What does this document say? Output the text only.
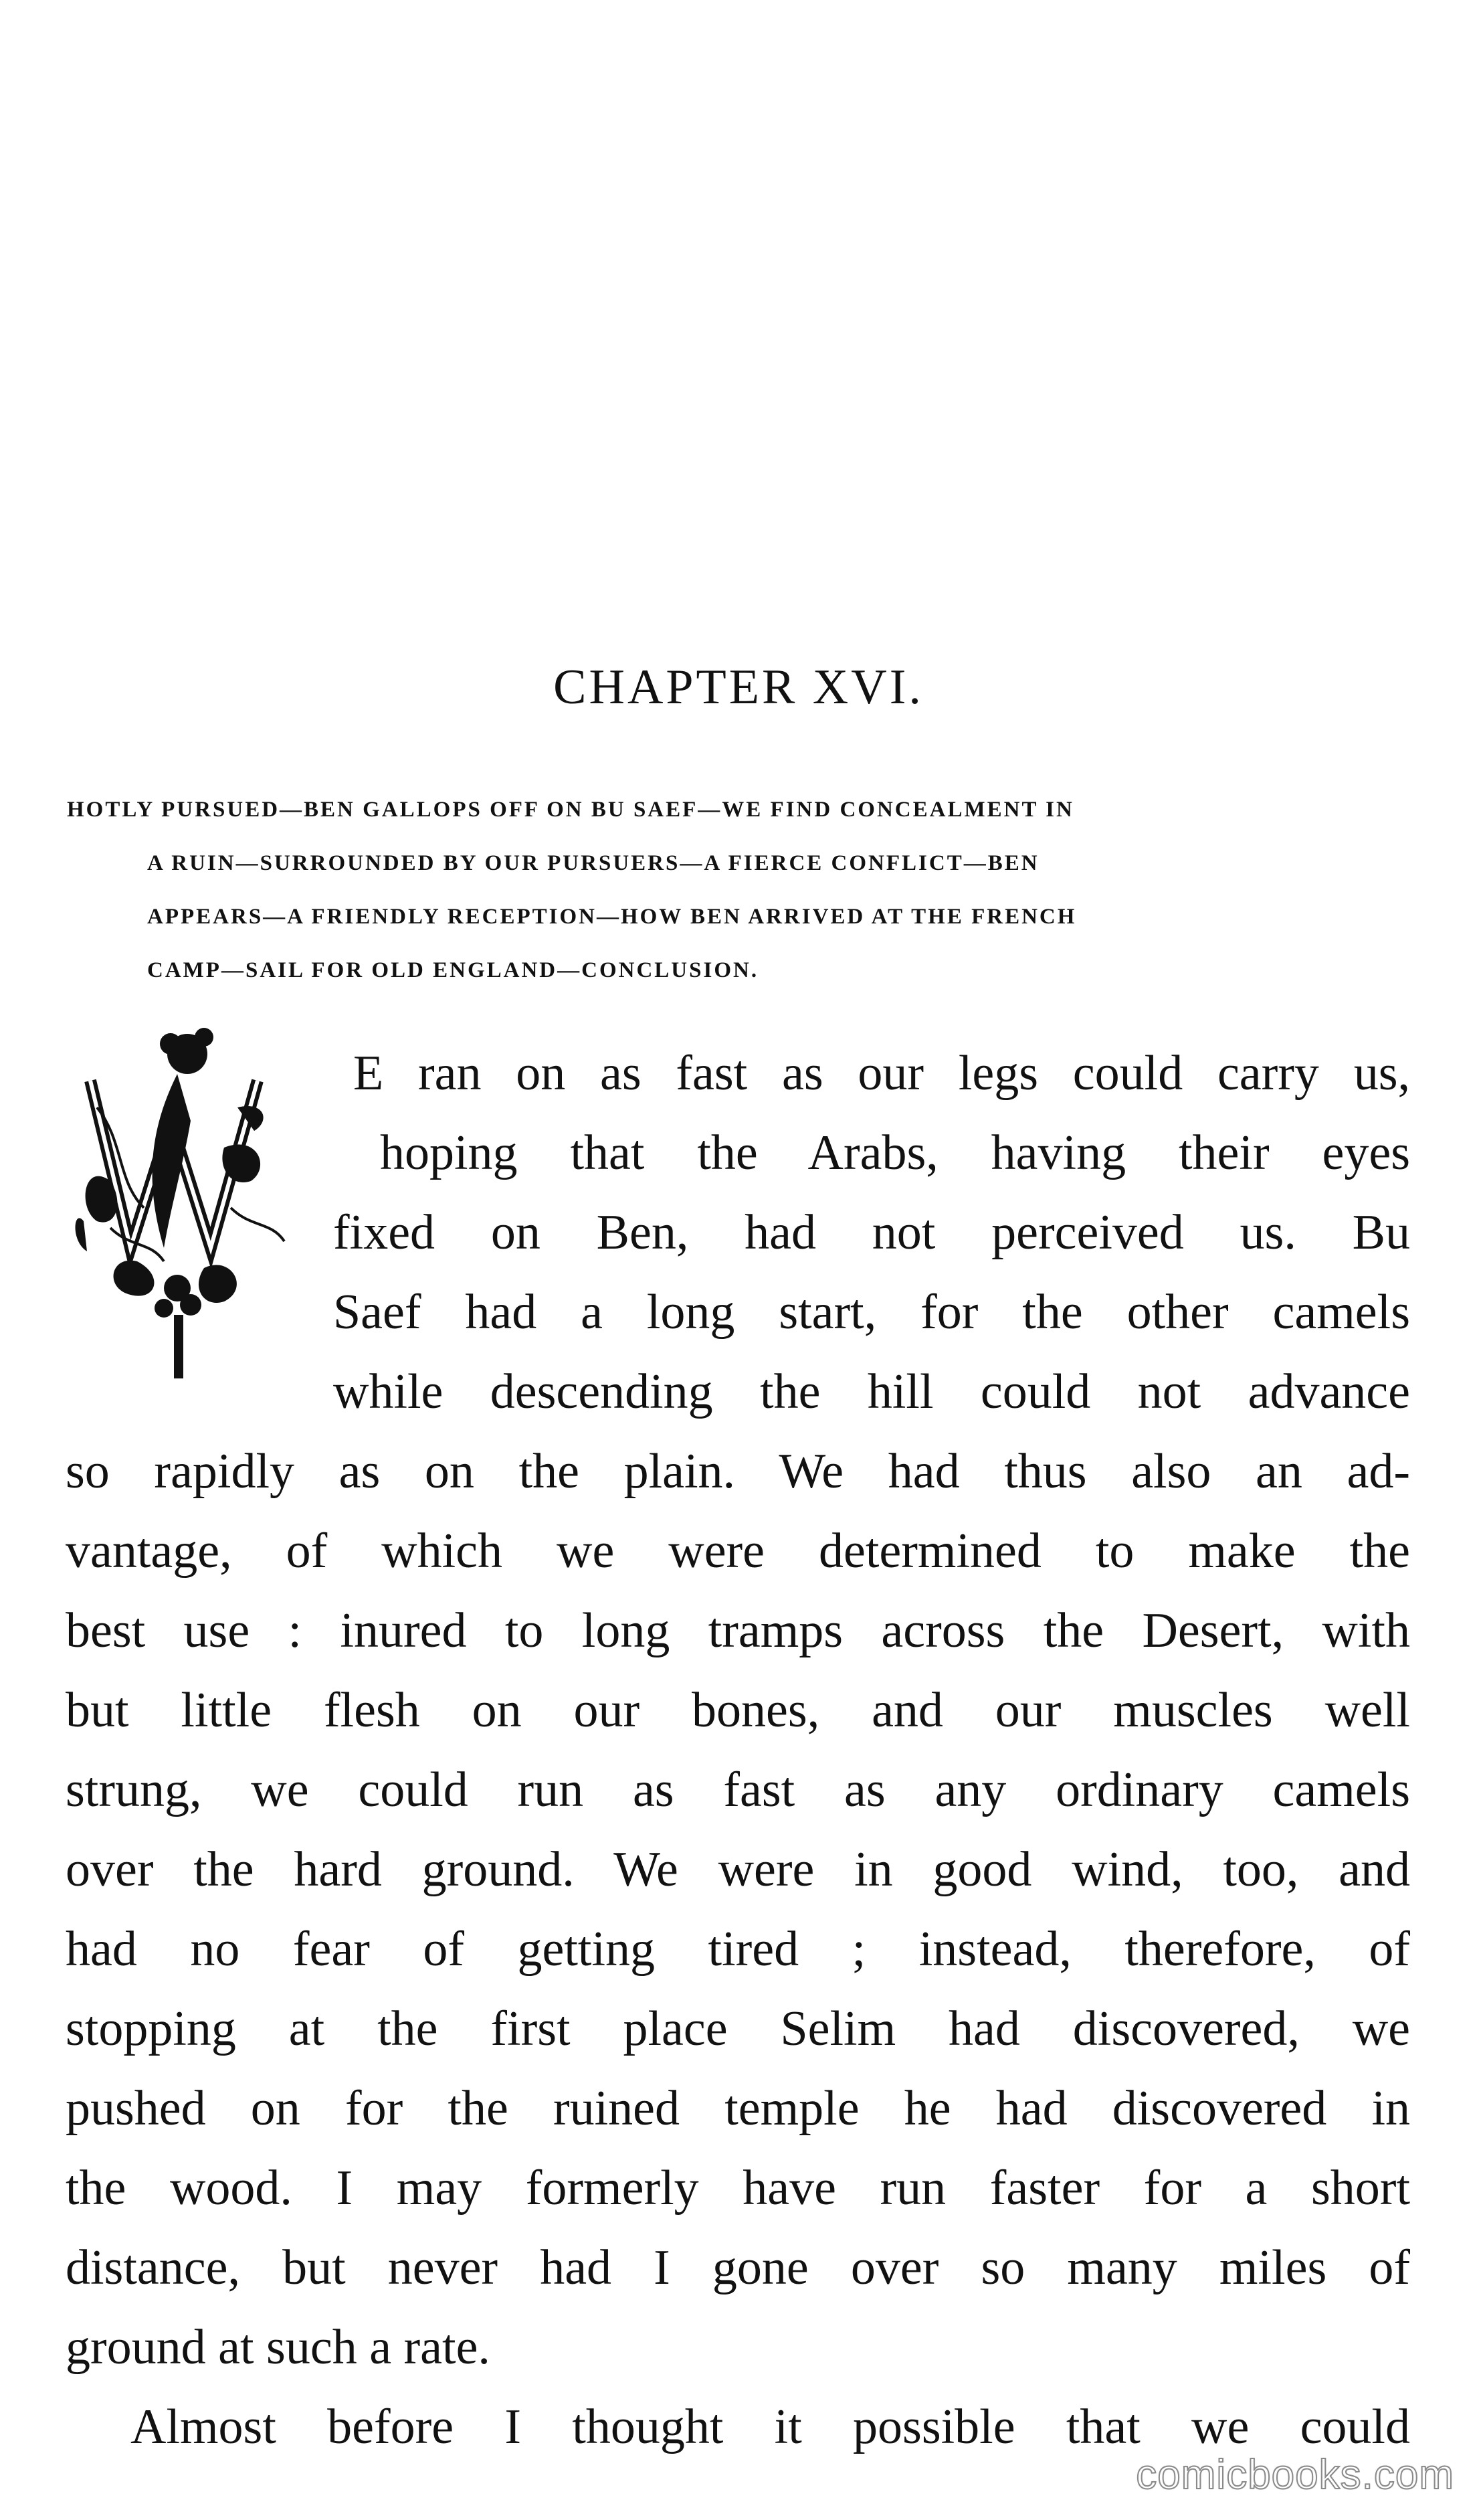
CHAPTER XVI.
HOTLY PURSUED—BEN GALLOPS OFF ON BU SAEF—WE FIND CONCEALMENT IN
A RUIN—SURROUNDED BY OUR PURSUERS—A FIERCE CONFLICT—BEN
APPEARS—A FRIENDLY RECEPTION—HOW BEN ARRIVED AT THE FRENCH
CAMP—SAIL FOR OLD ENGLAND—CONCLUSION.
E ran on as fast as our legs could carry us,
hoping that the Arabs, having their eyes
fixed on Ben, had not perceived us. Bu
Saef had a long start, for the other camels
while descending the hill could not advance
so rapidly as on the plain. We had thus also an ad-
vantage, of which we were determined to make the
best use : inured to long tramps across the Desert, with
but little flesh on our bones, and our muscles well
strung, we could run as fast as any ordinary camels
over the hard ground. We were in good wind, too, and
had no fear of getting tired ; instead, therefore, of
stopping at the first place Selim had discovered, we
pushed on for the ruined temple he had discovered in
the wood. I may formerly have run faster for a short
distance, but never had I gone over so many miles of
ground at such a rate.
Almost before I thought it possible that we could
comicbooks.com
